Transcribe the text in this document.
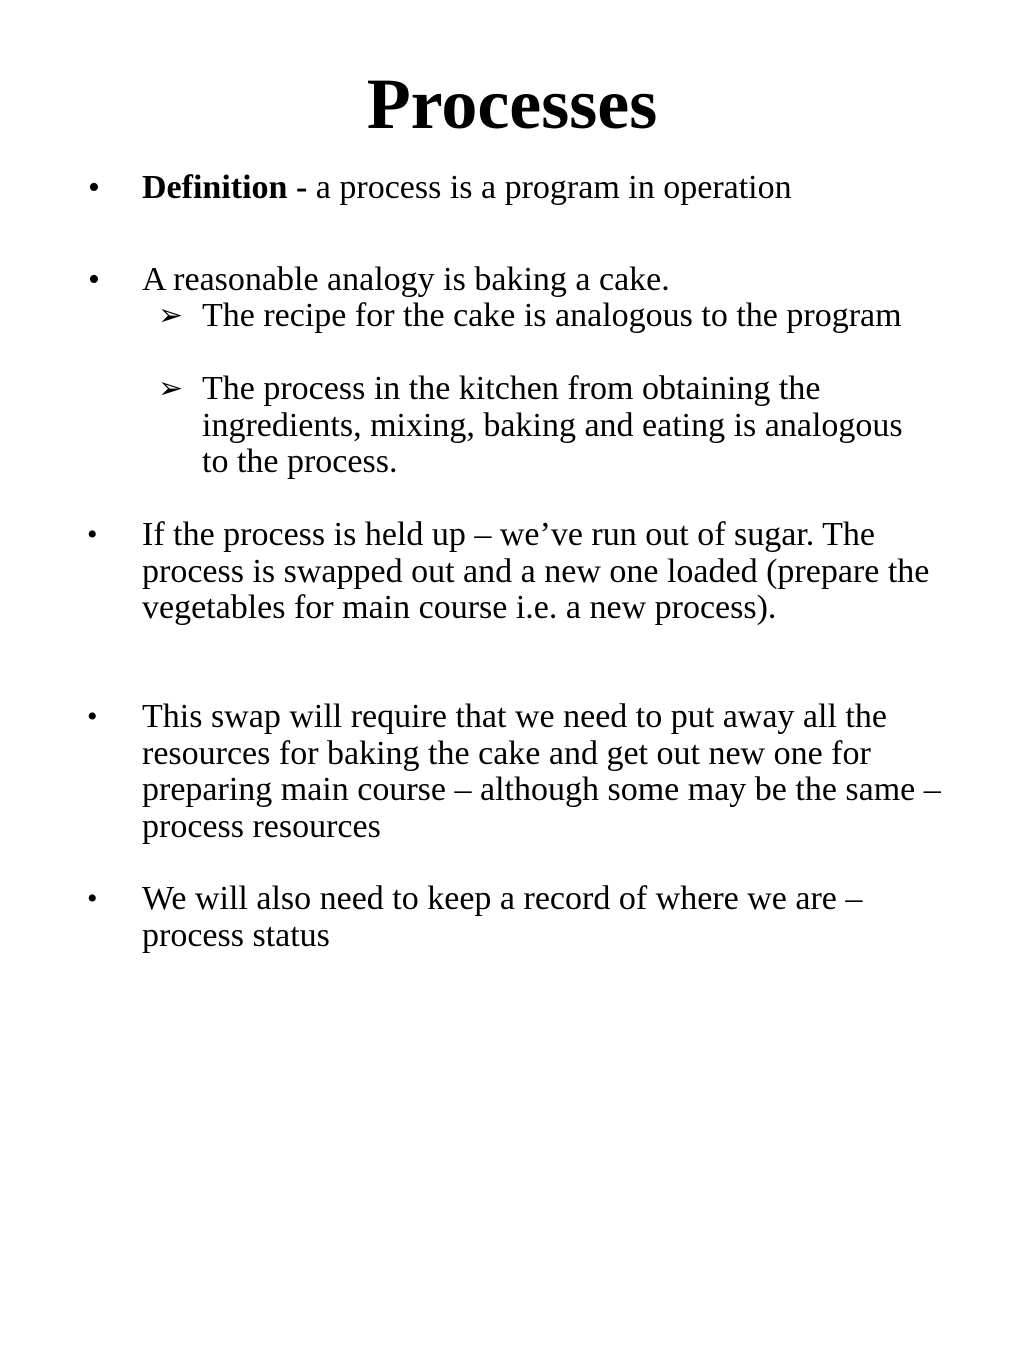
Processes
• Definition - a process is a program in operation

• A reasonable analogy is baking a cake.

➢ The recipe for the cake is analogous to the program

➢ The process in the kitchen from obtaining the ingredients, mixing, baking and eating is analogous to the process.

• If the process is held up – we’ve run out of sugar. The process is swapped out and a new one loaded (prepare the vegetables for main course i.e. a new process).

• This swap will require that we need to put away all the resources for baking the cake and get out new one for preparing main course – although some may be the same – process resources

• We will also need to keep a record of where we are – process status
